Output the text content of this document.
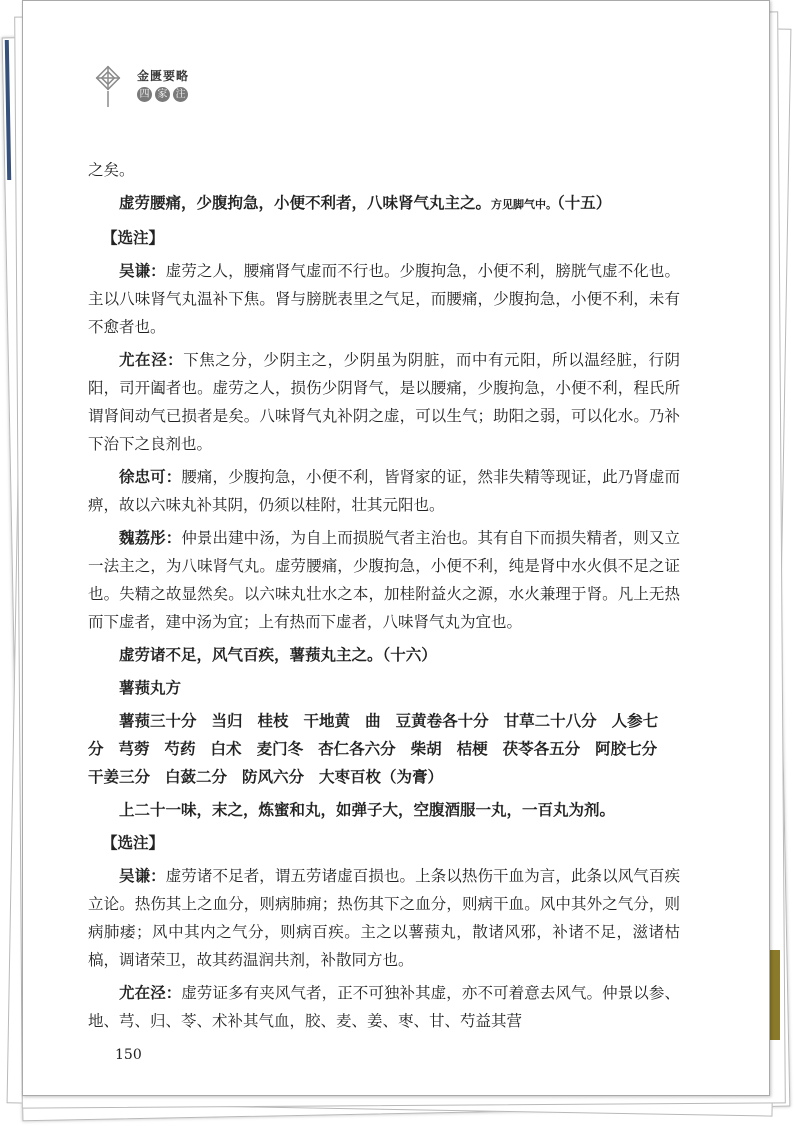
金匮要略
四 家 注

之矣。

虚劳腰痛，少腹拘急，小便不利者，八味肾气丸主之。方见脚气中。（十五）

【选注】

吴谦：虚劳之人，腰痛肾气虚而不行也。少腹拘急，小便不利，膀胱气虚不化也。主以八味肾气丸温补下焦。肾与膀胱表里之气足，而腰痛，少腹拘急，小便不利，未有不愈者也。

尤在泾：下焦之分，少阴主之，少阴虽为阴脏，而中有元阳，所以温经脏，行阴阳，司开阖者也。虚劳之人，损伤少阴肾气，是以腰痛，少腹拘急，小便不利，程氏所谓肾间动气已损者是矣。八味肾气丸补阴之虚，可以生气；助阳之弱，可以化水。乃补下治下之良剂也。

徐忠可：腰痛，少腹拘急，小便不利，皆肾家的证，然非失精等现证，此乃肾虚而痹，故以六味丸补其阴，仍须以桂附，壮其元阳也。

魏荔彤：仲景出建中汤，为自上而损脱气者主治也。其有自下而损失精者，则又立一法主之，为八味肾气丸。虚劳腰痛，少腹拘急，小便不利，纯是肾中水火俱不足之证也。失精之故显然矣。以六味丸壮水之本，加桂附益火之源，水火兼理于肾。凡上无热而下虚者，建中汤为宜；上有热而下虚者，八味肾气丸为宜也。

虚劳诸不足，风气百疾，薯蓣丸主之。（十六）

薯蓣丸方

薯蓣三十分 当归 桂枝 干地黄 曲 豆黄卷各十分 甘草二十八分 人参七分 芎䓖 芍药 白术 麦门冬 杏仁各六分 柴胡 桔梗 茯苓各五分 阿胶七分干姜三分 白蔹二分 防风六分 大枣百枚（为膏）

上二十一味，末之，炼蜜和丸，如弹子大，空腹酒服一丸，一百丸为剂。

【选注】

吴谦：虚劳诸不足者，谓五劳诸虚百损也。上条以热伤干血为言，此条以风气百疾立论。热伤其上之血分，则病肺痈；热伤其下之血分，则病干血。风中其外之气分，则病肺痿；风中其内之气分，则病百疾。主之以薯蓣丸，散诸风邪，补诸不足，滋诸枯槁，调诸荣卫，故其药温润共剂，补散同方也。

尤在泾：虚劳证多有夹风气者，正不可独补其虚，亦不可着意去风气。仲景以参、地、芎、归、苓、术补其气血，胶、麦、姜、枣、甘、芍益其营

150
